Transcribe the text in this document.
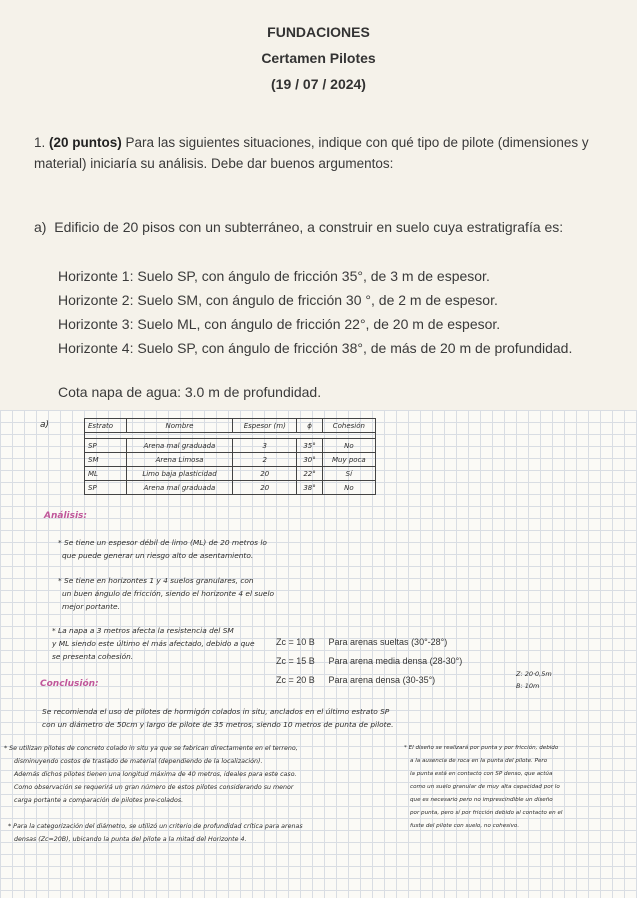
FUNDACIONES
Certamen Pilotes
(19 / 07 / 2024)
1. (20 puntos) Para las siguientes situaciones, indique con qué tipo de pilote (dimensiones y material) iniciaría su análisis. Debe dar buenos argumentos:
a) Edificio de 20 pisos con un subterráneo, a construir en suelo cuya estratigrafía es:
Horizonte 1: Suelo SP, con ángulo de fricción 35°, de 3 m de espesor.
Horizonte 2: Suelo SM, con ángulo de fricción 30 °, de 2 m de espesor.
Horizonte 3: Suelo ML, con ángulo de fricción 22°, de 20 m de espesor.
Horizonte 4: Suelo SP, con ángulo de fricción 38°, de más de 20 m de profundidad.
Cota napa de agua: 3.0 m de profundidad.
a)	Estrato	Nombre	Espesor (m)	ϕ	Cohesión

SP	Arena mal graduada	3	35°	No
SM	Arena Limosa	2	30°	Muy poca
ML	Limo baja plasticidad	20	22°	Sí
SP	Arena mal graduada	20	38°	No
Análisis:
* Se tiene un espesor débil de limo (ML) de 20 metros lo
que puede generar un riesgo alto de asentamiento.
* Se tiene en horizontes 1 y 4 suelos granulares, con
un buen ángulo de fricción, siendo el horizonte 4 el suelo
mejor portante.
* La napa a 3 metros afecta la resistencia del SM
y ML siendo este último el más afectado, debido a que
se presenta cohesión.
Zc = 10 B Para arenas sueltas (30°-28°)
Zc = 15 B Para arena media densa (28-30°)
Zc = 20 B Para arena densa (30-35°)
Z: 20·0,5m
B: 10m
Conclusión:
Se recomienda el uso de pilotes de hormigón colados in situ, anclados en el último estrato SP
con un diámetro de 50cm y largo de pilote de 35 metros, siendo 10 metros de punta de pilote.
* Se utilizan pilotes de concreto colado in situ ya que se fabrican directamente en el terreno,
disminuyendo costos de traslado de material (dependiendo de la localización).
Además dichos pilotes tienen una longitud máxima de 40 metros, ideales para este caso.
Como observación se requerirá un gran número de estos pilotes considerando su menor
carga portante a comparación de pilotes pre-colados.
* Para la categorización del diámetro, se utilizó un criterio de profundidad crítica para arenas
densas (Zc=20B), ubicando la punta del pilote a la mitad del Horizonte 4.
* El diseño se realizará por punta y por fricción, debido
a la ausencia de roca en la punta del pilote. Pero
la punta está en contacto con SP denso, que actúa
como un suelo granular de muy alta capacidad por lo
que es necesario pero no imprescindible un diseño
por punta, pero sí por fricción debido al contacto en el
fuste del pilote con suelo, no cohesivo.
